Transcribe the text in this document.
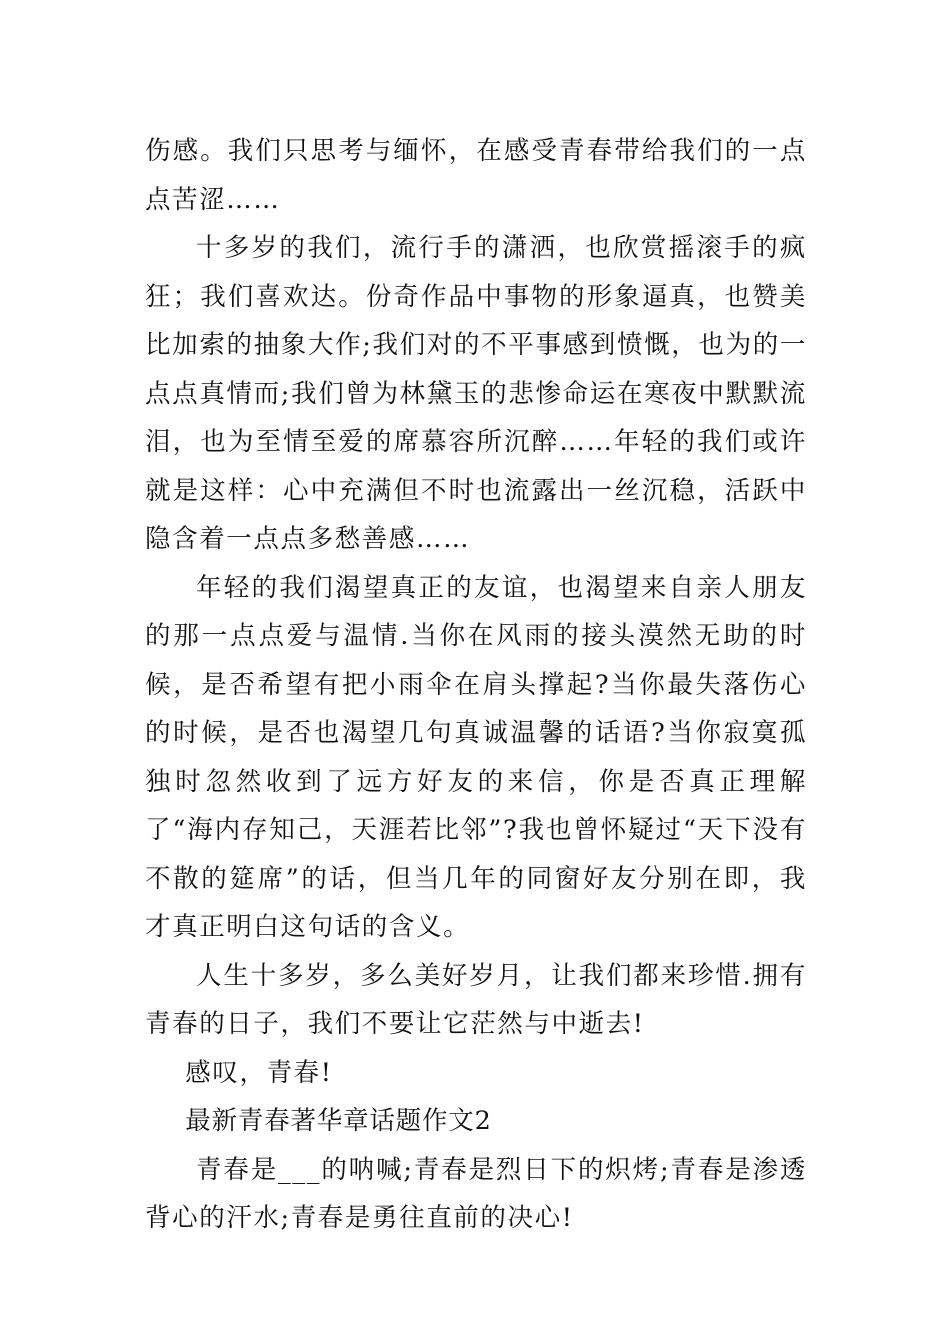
伤感。我们只思考与缅怀，在感受青春带给我们的一点点苦涩……

十多岁的我们，流行手的潇洒，也欣赏摇滚手的疯狂；我们喜欢达。份奇作品中事物的形象逼真，也赞美比加索的抽象大作;我们对的不平事感到愤慨，也为的一点点真情而;我们曾为林黛玉的悲惨命运在寒夜中默默流泪，也为至情至爱的席慕容所沉醉……年轻的我们或许就是这样：心中充满但不时也流露出一丝沉稳，活跃中隐含着一点点多愁善感……

年轻的我们渴望真正的友谊，也渴望来自亲人朋友的那一点点爱与温情.当你在风雨的接头漠然无助的时候，是否希望有把小雨伞在肩头撑起?当你最失落伤心的时候，是否也渴望几句真诚温馨的话语?当你寂寞孤独时忽然收到了远方好友的来信，你是否真正理解了“海内存知己，天涯若比邻”?我也曾怀疑过“天下没有不散的筵席”的话，但当几年的同窗好友分别在即，我才真正明白这句话的含义。

人生十多岁，多么美好岁月，让我们都来珍惜.拥有青春的日子，我们不要让它茫然与中逝去!

感叹，青春!

最新青春著华章话题作文2

青春是___的呐喊;青春是烈日下的炽烤;青春是渗透背心的汗水;青春是勇往直前的决心!
